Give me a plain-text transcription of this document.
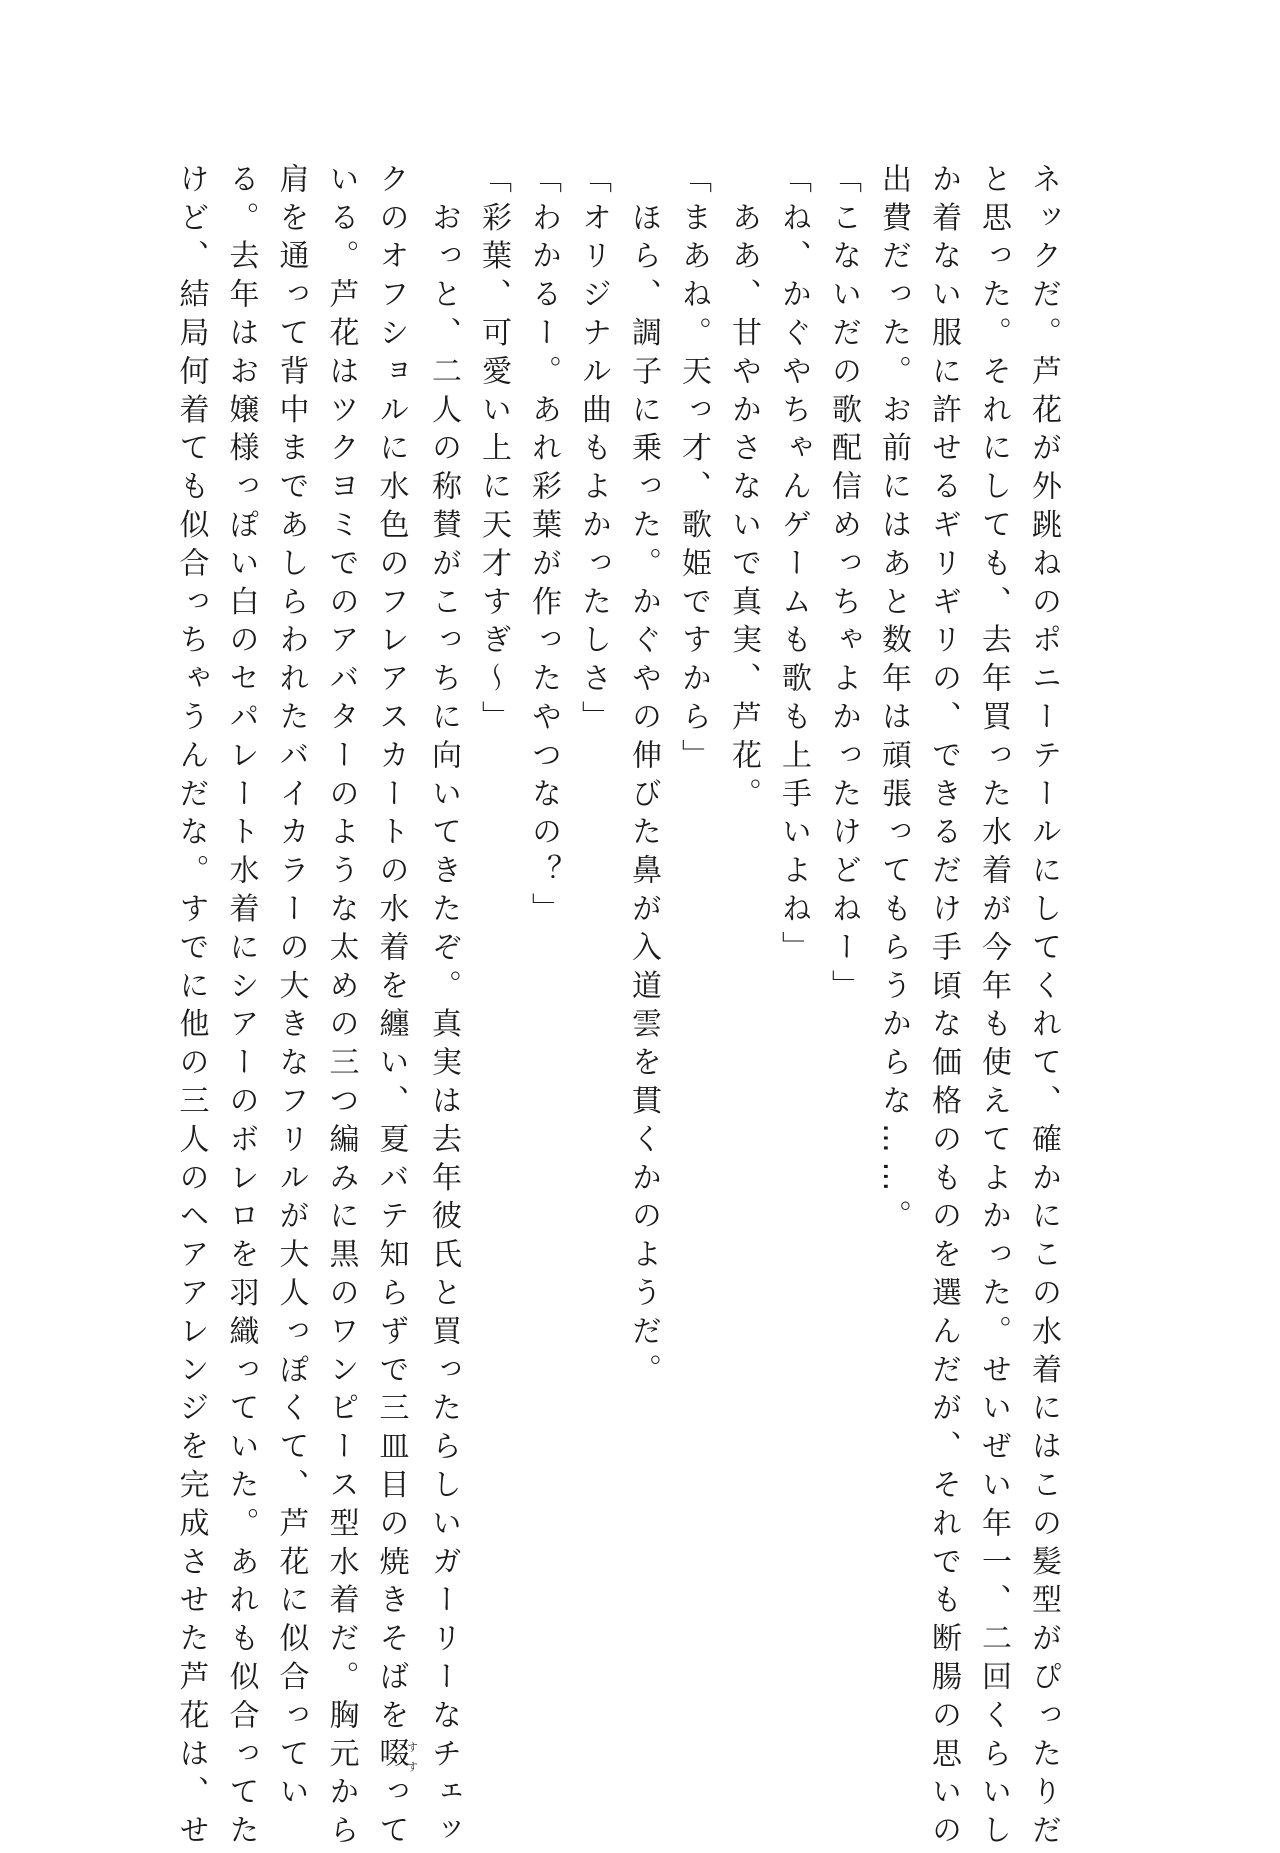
ネックだ。芦花が外跳ねのポニーテールにしてくれて、確かにこの水着にはこの髪型がぴったりだ
と思った。それにしても、去年買った水着が今年も使えてよかった。せいぜい年一、二回くらいし
か着ない服に許せるギリギリの、できるだけ手頃な価格のものを選んだが、それでも断腸の思いの
出費だった。お前にはあと数年は頑張ってもらうからな……。
「こないだの歌配信めっちゃよかったけどねー」
「ね、かぐやちゃんゲームも歌も上手いよね」
　ああ、甘やかさないで真実、芦花。
「まあね。天っ才、歌姫ですから」
　ほら、調子に乗った。かぐやの伸びた鼻が入道雲を貫くかのようだ。
「オリジナル曲もよかったしさ」
「わかるー。あれ彩葉が作ったやつなの？」
「彩葉、可愛い上に天才すぎ～」
　おっと、二人の称賛がこっちに向いてきたぞ。真実は去年彼氏と買ったらしいガーリーなチェッ
クのオフショルに水色のフレアスカートの水着を纏い、夏バテ知らずで三皿目の焼きそばを啜すすって
いる。芦花はツクヨミでのアバターのような太めの三つ編みに黒のワンピース型水着だ。胸元から
肩を通って背中まであしらわれたバイカラーの大きなフリルが大人っぽくて、芦花に似合ってい
る。去年はお嬢様っぽい白のセパレート水着にシアーのボレロを羽織っていた。あれも似合ってた
けど、結局何着ても似合っちゃうんだな。すでに他の三人のヘアアレンジを完成させた芦花は、せ
